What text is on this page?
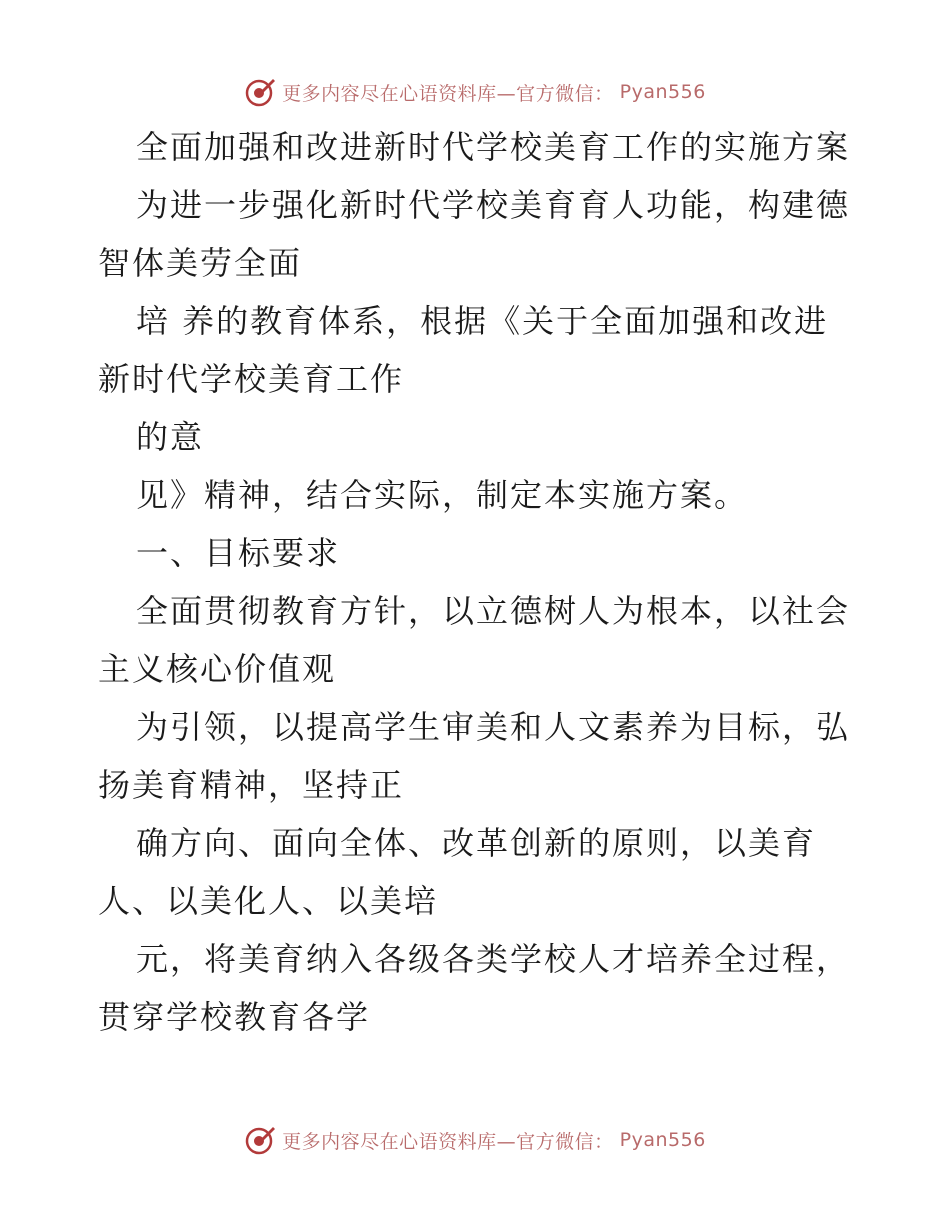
更多内容尽在心语资料库—官方微信： Pyan556
全面加强和改进新时代学校美育工作的实施方案
为进一步强化新时代学校美育育人功能，构建德
智体美劳全面
培 养的教育体系，根据《关于全面加强和改进
新时代学校美育工作
的意
见》精神，结合实际，制定本实施方案。
一、目标要求
全面贯彻教育方针，以立德树人为根本，以社会
主义核心价值观
为引领，以提高学生审美和人文素养为目标，弘
扬美育精神，坚持正
确方向、面向全体、改革创新的原则，以美育
人、以美化人、以美培
元，将美育纳入各级各类学校人才培养全过程，
贯穿学校教育各学
更多内容尽在心语资料库—官方微信： Pyan556
